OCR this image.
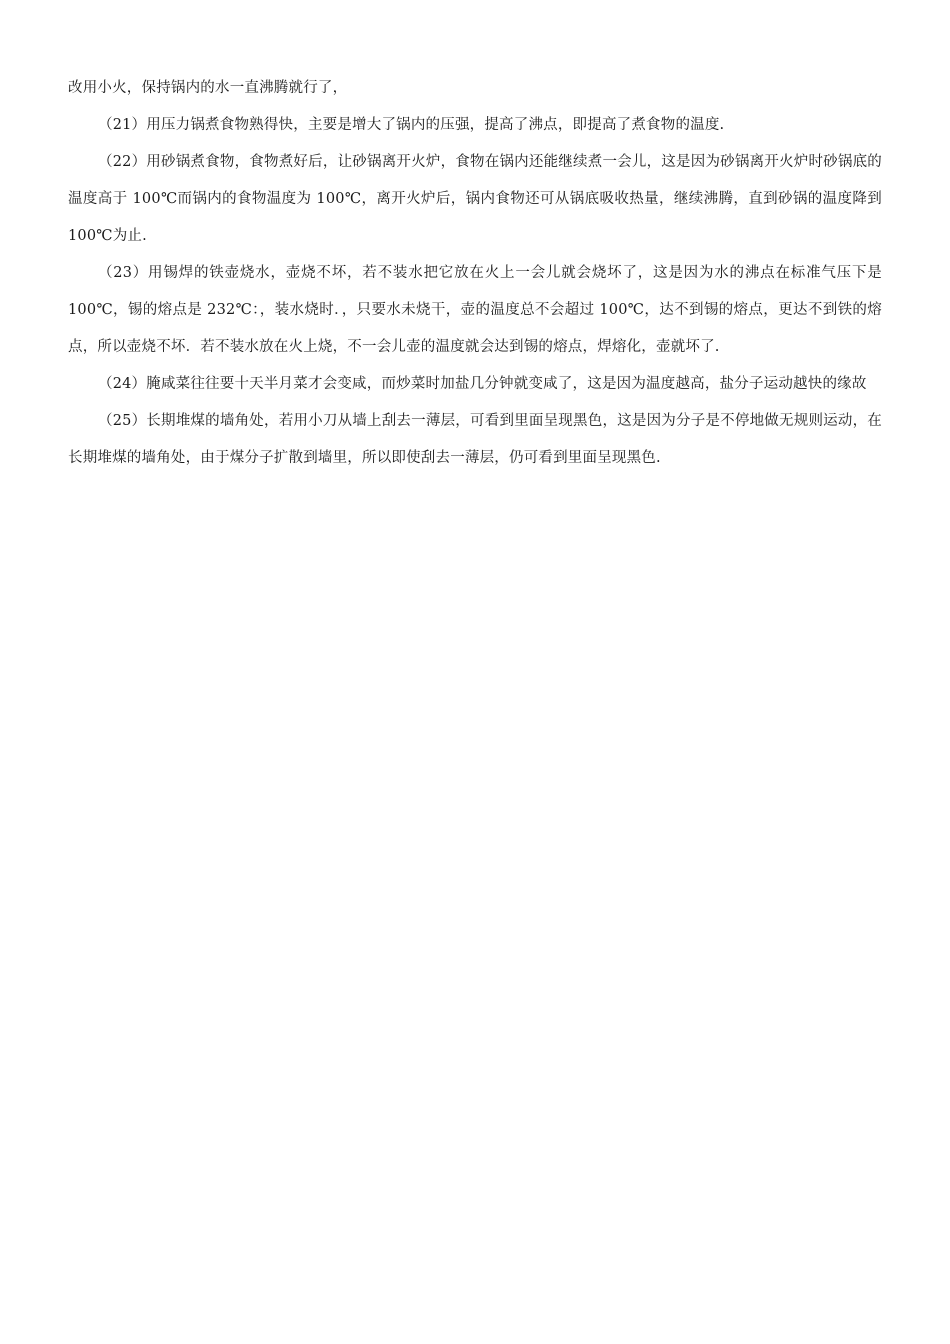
改用小火，保持锅内的水一直沸腾就行了，

（21）用压力锅煮食物熟得快，主要是增大了锅内的压强，提高了沸点，即提高了煮食物的温度.

（22）用砂锅煮食物，食物煮好后，让砂锅离开火炉，食物在锅内还能继续煮一会儿，这是因为砂锅离开火炉时砂锅底的温度高于 100℃而锅内的食物温度为 100℃，离开火炉后，锅内食物还可从锅底吸收热量，继续沸腾，直到砂锅的温度降到 100℃为止.

（23）用锡焊的铁壶烧水，壶烧不坏，若不装水把它放在火上一会儿就会烧坏了，这是因为水的沸点在标准气压下是 100℃，锡的熔点是 232℃：，装水烧时．，只要水未烧干，壶的温度总不会超过 100℃，达不到锡的熔点，更达不到铁的熔点，所以壶烧不坏．若不装水放在火上烧，不一会儿壶的温度就会达到锡的熔点，焊熔化，壶就坏了.

（24）腌咸菜往往要十天半月菜才会变咸，而炒菜时加盐几分钟就变咸了，这是因为温度越高，盐分子运动越快的缘故

（25）长期堆煤的墙角处，若用小刀从墙上刮去一薄层，可看到里面呈现黑色，这是因为分子是不停地做无规则运动，在长期堆煤的墙角处，由于煤分子扩散到墙里，所以即使刮去一薄层，仍可看到里面呈现黑色.
